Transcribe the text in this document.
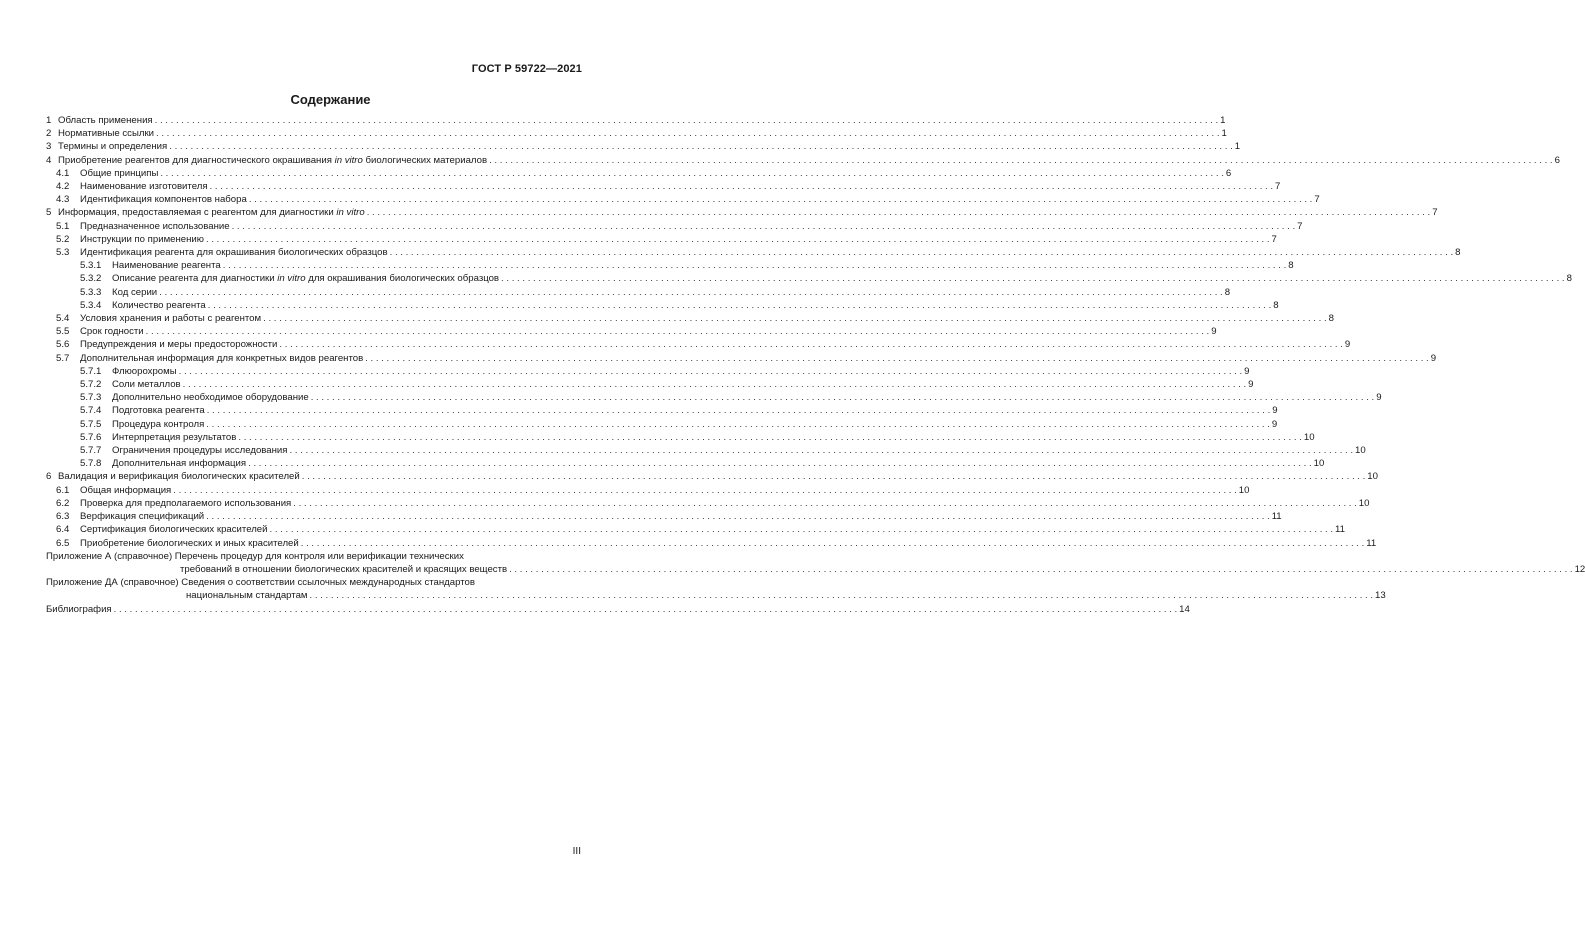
ГОСТ Р 59722—2021
Содержание
1 Область применения . . . . . . . . . . . . . . . . . . . . . . . . . . . . . . . . . . . . . . . . . . . . . . . . . . . . . . . . . . . . . . . . . . . . . . . . . . . . . . . . . . . . . . . . . . . . . . . . . . . . . . . . . . . . . . . . . . . . . . . . . . . . . . . . . . . . . . . . . . . . . . . . . . . . . . . . . . . . . . . . . . . . . . . . . . . . . . . . . . . . . . . . . . . . . . . . . . . . . . . . 1
2 Нормативные ссылки . . . . . . . . . . . . . . . . . . . . . . . . . . . . . . . . . . . . . . . . . . . . . . . . . . . . . . . . . . . . . . . . . . . . . . . . . . . . . . . . . . . . . . . . . . . . . . . . . . . . . . . . . . . . . . . . . . . . . . . . . . . . . . . . . . . . . . . . . . . . . . . . . . . . . . . . . . . . . . . . . . . . . . . . . . . . . . . . . . . . . . . . . . . . . . . . . . . . . . . . 1
3 Термины и определения . . . . . . . . . . . . . . . . . . . . . . . . . . . . . . . . . . . . . . . . . . . . . . . . . . . . . . . . . . . . . . . . . . . . . . . . . . . . . . . . . . . . . . . . . . . . . . . . . . . . . . . . . . . . . . . . . . . . . . . . . . . . . . . . . . . . . . . . . . . . . . . . . . . . . . . . . . . . . . . . . . . . . . . . . . . . . . . . . . . . . . . . . . . . . . . . . . . . . . . . 1
4 Приобретение реагентов для диагностического окрашивания in vitro биологических материалов . . . . . . . . . . . . . . . . . . . . . . . . . . . . . . . . . . . . . . . . . . . . . . . . . . . . . . . . . . . . . . . . . . . . . . . . . . . . . . . . . . . . . . . . . . . . . . . . . . . . . . . . . . . . . . . . . . . . . . . . . . . . . . . . . . . . . . . . . . . . . . . . . . . . . . . . . . . . . . . . . . . . . . . . . . . . . . . . . . . . . . . . . . . . . . . . . . . . . . . . 6
4.1 Общие принципы . . . . . . . . . . . . . . . . . . . . . . . . . . . . . . . . . . . . . . . . . . . . . . . . . . . . . . . . . . . . . . . . . . . . . . . . . . . . . . . . . . . . . . . . . . . . . . . . . . . . . . . . . . . . . . . . . . . . . . . . . . . . . . . . . . . . . . . . . . . . . . . . . . . . . . . . . . . . . . . . . . . . . . . . . . . . . . . . . . . . . . . . . . . . . . . . . . . . . . . . 6
4.2 Наименование изготовителя . . . . . . . . . . . . . . . . . . . . . . . . . . . . . . . . . . . . . . . . . . . . . . . . . . . . . . . . . . . . . . . . . . . . . . . . . . . . . . . . . . . . . . . . . . . . . . . . . . . . . . . . . . . . . . . . . . . . . . . . . . . . . . . . . . . . . . . . . . . . . . . . . . . . . . . . . . . . . . . . . . . . . . . . . . . . . . . . . . . . . . . . . . . . . . . . . . . . . . . . 7
4.3 Идентификация компонентов набора . . . . . . . . . . . . . . . . . . . . . . . . . . . . . . . . . . . . . . . . . . . . . . . . . . . . . . . . . . . . . . . . . . . . . . . . . . . . . . . . . . . . . . . . . . . . . . . . . . . . . . . . . . . . . . . . . . . . . . . . . . . . . . . . . . . . . . . . . . . . . . . . . . . . . . . . . . . . . . . . . . . . . . . . . . . . . . . . . . . . . . . . . . . . . . . . . . . . . . . . 7
5 Информация, предоставляемая с реагентом для диагностики in vitro . . . . . . . . . . . . . . . . . . . . . . . . . . . . . . . . . . . . . . . . . . . . . . . . . . . . . . . . . . . . . . . . . . . . . . . . . . . . . . . . . . . . . . . . . . . . . . . . . . . . . . . . . . . . . . . . . . . . . . . . . . . . . . . . . . . . . . . . . . . . . . . . . . . . . . . . . . . . . . . . . . . . . . . . . . . . . . . . . . . . . . . . . . . . . . . . . . . . . . . . 7
5.1 Предназначенное использование . . . . . . . . . . . . . . . . . . . . . . . . . . . . . . . . . . . . . . . . . . . . . . . . . . . . . . . . . . . . . . . . . . . . . . . . . . . . . . . . . . . . . . . . . . . . . . . . . . . . . . . . . . . . . . . . . . . . . . . . . . . . . . . . . . . . . . . . . . . . . . . . . . . . . . . . . . . . . . . . . . . . . . . . . . . . . . . . . . . . . . . . . . . . . . . . . . . . . . . . 7
5.2 Инструкции по применению . . . . . . . . . . . . . . . . . . . . . . . . . . . . . . . . . . . . . . . . . . . . . . . . . . . . . . . . . . . . . . . . . . . . . . . . . . . . . . . . . . . . . . . . . . . . . . . . . . . . . . . . . . . . . . . . . . . . . . . . . . . . . . . . . . . . . . . . . . . . . . . . . . . . . . . . . . . . . . . . . . . . . . . . . . . . . . . . . . . . . . . . . . . . . . . . . . . . . . . . 7
5.3 Идентификация реагента для окрашивания биологических образцов . . . . . . . . . . . . . . . . . . . . . . . . . . . . . . . . . . . . . . . . . . . . . . . . . . . . . . . . . . . . . . . . . . . . . . . . . . . . . . . . . . . . . . . . . . . . . . . . . . . . . . . . . . . . . . . . . . . . . . . . . . . . . . . . . . . . . . . . . . . . . . . . . . . . . . . . . . . . . . . . . . . . . . . . . . . . . . . . . . . . . . . . . . . . . . . . . . . . . . . . 8
5.3.1 Наименование реагента . . . . . . . . . . . . . . . . . . . . . . . . . . . . . . . . . . . . . . . . . . . . . . . . . . . . . . . . . . . . . . . . . . . . . . . . . . . . . . . . . . . . . . . . . . . . . . . . . . . . . . . . . . . . . . . . . . . . . . . . . . . . . . . . . . . . . . . . . . . . . . . . . . . . . . . . . . . . . . . . . . . . . . . . . . . . . . . . . . . . . . . . . . . . . . . . . . . . . . . . 8
5.3.2 Описание реагента для диагностики in vitro для окрашивания биологических образцов . . . . . . . . . . . . . . . . . . . . . . . . . . . . . . . . . . . . . . . . . . . . . . . . . . . . . . . . . . . . . . . . . . . . . . . . . . . . . . . . . . . . . . . . . . . . . . . . . . . . . . . . . . . . . . . . . . . . . . . . . . . . . . . . . . . . . . . . . . . . . . . . . . . . . . . . . . . . . . . . . . . . . . . . . . . . . . . . . . . . . . . . . . . . . . . . . . . . . . . . 8
5.3.3 Код серии . . . . . . . . . . . . . . . . . . . . . . . . . . . . . . . . . . . . . . . . . . . . . . . . . . . . . . . . . . . . . . . . . . . . . . . . . . . . . . . . . . . . . . . . . . . . . . . . . . . . . . . . . . . . . . . . . . . . . . . . . . . . . . . . . . . . . . . . . . . . . . . . . . . . . . . . . . . . . . . . . . . . . . . . . . . . . . . . . . . . . . . . . . . . . . . . . . . . . . . . 8
5.3.4 Количество реагента . . . . . . . . . . . . . . . . . . . . . . . . . . . . . . . . . . . . . . . . . . . . . . . . . . . . . . . . . . . . . . . . . . . . . . . . . . . . . . . . . . . . . . . . . . . . . . . . . . . . . . . . . . . . . . . . . . . . . . . . . . . . . . . . . . . . . . . . . . . . . . . . . . . . . . . . . . . . . . . . . . . . . . . . . . . . . . . . . . . . . . . . . . . . . . . . . . . . . . . . 8
5.4 Условия хранения и работы с реагентом . . . . . . . . . . . . . . . . . . . . . . . . . . . . . . . . . . . . . . . . . . . . . . . . . . . . . . . . . . . . . . . . . . . . . . . . . . . . . . . . . . . . . . . . . . . . . . . . . . . . . . . . . . . . . . . . . . . . . . . . . . . . . . . . . . . . . . . . . . . . . . . . . . . . . . . . . . . . . . . . . . . . . . . . . . . . . . . . . . . . . . . . . . . . . . . . . . . . . . . . 8
5.5 Срок годности . . . . . . . . . . . . . . . . . . . . . . . . . . . . . . . . . . . . . . . . . . . . . . . . . . . . . . . . . . . . . . . . . . . . . . . . . . . . . . . . . . . . . . . . . . . . . . . . . . . . . . . . . . . . . . . . . . . . . . . . . . . . . . . . . . . . . . . . . . . . . . . . . . . . . . . . . . . . . . . . . . . . . . . . . . . . . . . . . . . . . . . . . . . . . . . . . . . . . . . . 9
5.6 Предупреждения и меры предосторожности . . . . . . . . . . . . . . . . . . . . . . . . . . . . . . . . . . . . . . . . . . . . . . . . . . . . . . . . . . . . . . . . . . . . . . . . . . . . . . . . . . . . . . . . . . . . . . . . . . . . . . . . . . . . . . . . . . . . . . . . . . . . . . . . . . . . . . . . . . . . . . . . . . . . . . . . . . . . . . . . . . . . . . . . . . . . . . . . . . . . . . . . . . . . . . . . . . . . . . . . 9
5.7 Дополнительная информация для конкретных видов реагентов . . . . . . . . . . . . . . . . . . . . . . . . . . . . . . . . . . . . . . . . . . . . . . . . . . . . . . . . . . . . . . . . . . . . . . . . . . . . . . . . . . . . . . . . . . . . . . . . . . . . . . . . . . . . . . . . . . . . . . . . . . . . . . . . . . . . . . . . . . . . . . . . . . . . . . . . . . . . . . . . . . . . . . . . . . . . . . . . . . . . . . . . . . . . . . . . . . . . . . . . 9
5.7.1 Флюорохромы . . . . . . . . . . . . . . . . . . . . . . . . . . . . . . . . . . . . . . . . . . . . . . . . . . . . . . . . . . . . . . . . . . . . . . . . . . . . . . . . . . . . . . . . . . . . . . . . . . . . . . . . . . . . . . . . . . . . . . . . . . . . . . . . . . . . . . . . . . . . . . . . . . . . . . . . . . . . . . . . . . . . . . . . . . . . . . . . . . . . . . . . . . . . . . . . . . . . . . . . 9
5.7.2 Соли металлов . . . . . . . . . . . . . . . . . . . . . . . . . . . . . . . . . . . . . . . . . . . . . . . . . . . . . . . . . . . . . . . . . . . . . . . . . . . . . . . . . . . . . . . . . . . . . . . . . . . . . . . . . . . . . . . . . . . . . . . . . . . . . . . . . . . . . . . . . . . . . . . . . . . . . . . . . . . . . . . . . . . . . . . . . . . . . . . . . . . . . . . . . . . . . . . . . . . . . . . . 9
5.7.3 Дополнительно необходимое оборудование . . . . . . . . . . . . . . . . . . . . . . . . . . . . . . . . . . . . . . . . . . . . . . . . . . . . . . . . . . . . . . . . . . . . . . . . . . . . . . . . . . . . . . . . . . . . . . . . . . . . . . . . . . . . . . . . . . . . . . . . . . . . . . . . . . . . . . . . . . . . . . . . . . . . . . . . . . . . . . . . . . . . . . . . . . . . . . . . . . . . . . . . . . . . . . . . . . . . . . . . 9
5.7.4 Подготовка реагента . . . . . . . . . . . . . . . . . . . . . . . . . . . . . . . . . . . . . . . . . . . . . . . . . . . . . . . . . . . . . . . . . . . . . . . . . . . . . . . . . . . . . . . . . . . . . . . . . . . . . . . . . . . . . . . . . . . . . . . . . . . . . . . . . . . . . . . . . . . . . . . . . . . . . . . . . . . . . . . . . . . . . . . . . . . . . . . . . . . . . . . . . . . . . . . . . . . . . . . . 9
5.7.5 Процедура контроля . . . . . . . . . . . . . . . . . . . . . . . . . . . . . . . . . . . . . . . . . . . . . . . . . . . . . . . . . . . . . . . . . . . . . . . . . . . . . . . . . . . . . . . . . . . . . . . . . . . . . . . . . . . . . . . . . . . . . . . . . . . . . . . . . . . . . . . . . . . . . . . . . . . . . . . . . . . . . . . . . . . . . . . . . . . . . . . . . . . . . . . . . . . . . . . . . . . . . . . . 9
5.7.6 Интерпретация результатов . . . . . . . . . . . . . . . . . . . . . . . . . . . . . . . . . . . . . . . . . . . . . . . . . . . . . . . . . . . . . . . . . . . . . . . . . . . . . . . . . . . . . . . . . . . . . . . . . . . . . . . . . . . . . . . . . . . . . . . . . . . . . . . . . . . . . . . . . . . . . . . . . . . . . . . . . . . . . . . . . . . . . . . . . . . . . . . . . . . . . . . . . . . . . . . . . . . . . . . . 10
5.7.7 Ограничения процедуры исследования . . . . . . . . . . . . . . . . . . . . . . . . . . . . . . . . . . . . . . . . . . . . . . . . . . . . . . . . . . . . . . . . . . . . . . . . . . . . . . . . . . . . . . . . . . . . . . . . . . . . . . . . . . . . . . . . . . . . . . . . . . . . . . . . . . . . . . . . . . . . . . . . . . . . . . . . . . . . . . . . . . . . . . . . . . . . . . . . . . . . . . . . . . . . . . . . . . . . . . . . 10
5.7.8 Дополнительная информация . . . . . . . . . . . . . . . . . . . . . . . . . . . . . . . . . . . . . . . . . . . . . . . . . . . . . . . . . . . . . . . . . . . . . . . . . . . . . . . . . . . . . . . . . . . . . . . . . . . . . . . . . . . . . . . . . . . . . . . . . . . . . . . . . . . . . . . . . . . . . . . . . . . . . . . . . . . . . . . . . . . . . . . . . . . . . . . . . . . . . . . . . . . . . . . . . . . . . . . . 10
6 Валидация и верификация биологических красителей . . . . . . . . . . . . . . . . . . . . . . . . . . . . . . . . . . . . . . . . . . . . . . . . . . . . . . . . . . . . . . . . . . . . . . . . . . . . . . . . . . . . . . . . . . . . . . . . . . . . . . . . . . . . . . . . . . . . . . . . . . . . . . . . . . . . . . . . . . . . . . . . . . . . . . . . . . . . . . . . . . . . . . . . . . . . . . . . . . . . . . . . . . . . . . . . . . . . . . . . 10
6.1 Общая информация . . . . . . . . . . . . . . . . . . . . . . . . . . . . . . . . . . . . . . . . . . . . . . . . . . . . . . . . . . . . . . . . . . . . . . . . . . . . . . . . . . . . . . . . . . . . . . . . . . . . . . . . . . . . . . . . . . . . . . . . . . . . . . . . . . . . . . . . . . . . . . . . . . . . . . . . . . . . . . . . . . . . . . . . . . . . . . . . . . . . . . . . . . . . . . . . . . . . . . . . 10
6.2 Проверка для предполагаемого использования . . . . . . . . . . . . . . . . . . . . . . . . . . . . . . . . . . . . . . . . . . . . . . . . . . . . . . . . . . . . . . . . . . . . . . . . . . . . . . . . . . . . . . . . . . . . . . . . . . . . . . . . . . . . . . . . . . . . . . . . . . . . . . . . . . . . . . . . . . . . . . . . . . . . . . . . . . . . . . . . . . . . . . . . . . . . . . . . . . . . . . . . . . . . . . . . . . . . . . . . 10
6.3 Верфикация спецификаций . . . . . . . . . . . . . . . . . . . . . . . . . . . . . . . . . . . . . . . . . . . . . . . . . . . . . . . . . . . . . . . . . . . . . . . . . . . . . . . . . . . . . . . . . . . . . . . . . . . . . . . . . . . . . . . . . . . . . . . . . . . . . . . . . . . . . . . . . . . . . . . . . . . . . . . . . . . . . . . . . . . . . . . . . . . . . . . . . . . . . . . . . . . . . . . . . . . . . . . . 11
6.4 Сертификация биологических красителей . . . . . . . . . . . . . . . . . . . . . . . . . . . . . . . . . . . . . . . . . . . . . . . . . . . . . . . . . . . . . . . . . . . . . . . . . . . . . . . . . . . . . . . . . . . . . . . . . . . . . . . . . . . . . . . . . . . . . . . . . . . . . . . . . . . . . . . . . . . . . . . . . . . . . . . . . . . . . . . . . . . . . . . . . . . . . . . . . . . . . . . . . . . . . . . . . . . . . . . . 11
6.5 Приобретение биологических и иных красителей . . . . . . . . . . . . . . . . . . . . . . . . . . . . . . . . . . . . . . . . . . . . . . . . . . . . . . . . . . . . . . . . . . . . . . . . . . . . . . . . . . . . . . . . . . . . . . . . . . . . . . . . . . . . . . . . . . . . . . . . . . . . . . . . . . . . . . . . . . . . . . . . . . . . . . . . . . . . . . . . . . . . . . . . . . . . . . . . . . . . . . . . . . . . . . . . . . . . . . . . 11
Приложение А (справочное) Перечень процедур для контроля или верификации технических
требований в отношении биологических красителей и красящих веществ . . . . . . . . . . . . . . . . . . . . . . . . . . . . . . . . . . . . . . . . . . . . . . . . . . . . . . . . . . . . . . . . . . . . . . . . . . . . . . . . . . . . . . . . . . . . . . . . . . . . . . . . . . . . . . . . . . . . . . . . . . . . . . . . . . . . . . . . . . . . . . . . . . . . . . . . . . . . . . . . . . . . . . . . . . . . . . . . . . . . . . . . . . . . . . . . . . . . . . . . 12
Приложение ДА (справочное) Сведения о соответствии ссылочных международных стандартов
национальным стандартам . . . . . . . . . . . . . . . . . . . . . . . . . . . . . . . . . . . . . . . . . . . . . . . . . . . . . . . . . . . . . . . . . . . . . . . . . . . . . . . . . . . . . . . . . . . . . . . . . . . . . . . . . . . . . . . . . . . . . . . . . . . . . . . . . . . . . . . . . . . . . . . . . . . . . . . . . . . . . . . . . . . . . . . . . . . . . . . . . . . . . . . . . . . . . . . . . . . . . . . . 13
Библиография . . . . . . . . . . . . . . . . . . . . . . . . . . . . . . . . . . . . . . . . . . . . . . . . . . . . . . . . . . . . . . . . . . . . . . . . . . . . . . . . . . . . . . . . . . . . . . . . . . . . . . . . . . . . . . . . . . . . . . . . . . . . . . . . . . . . . . . . . . . . . . . . . . . . . . . . . . . . . . . . . . . . . . . . . . . . . . . . . . . . . . . . . . . . . . . . . . . . . . . . 14
III
